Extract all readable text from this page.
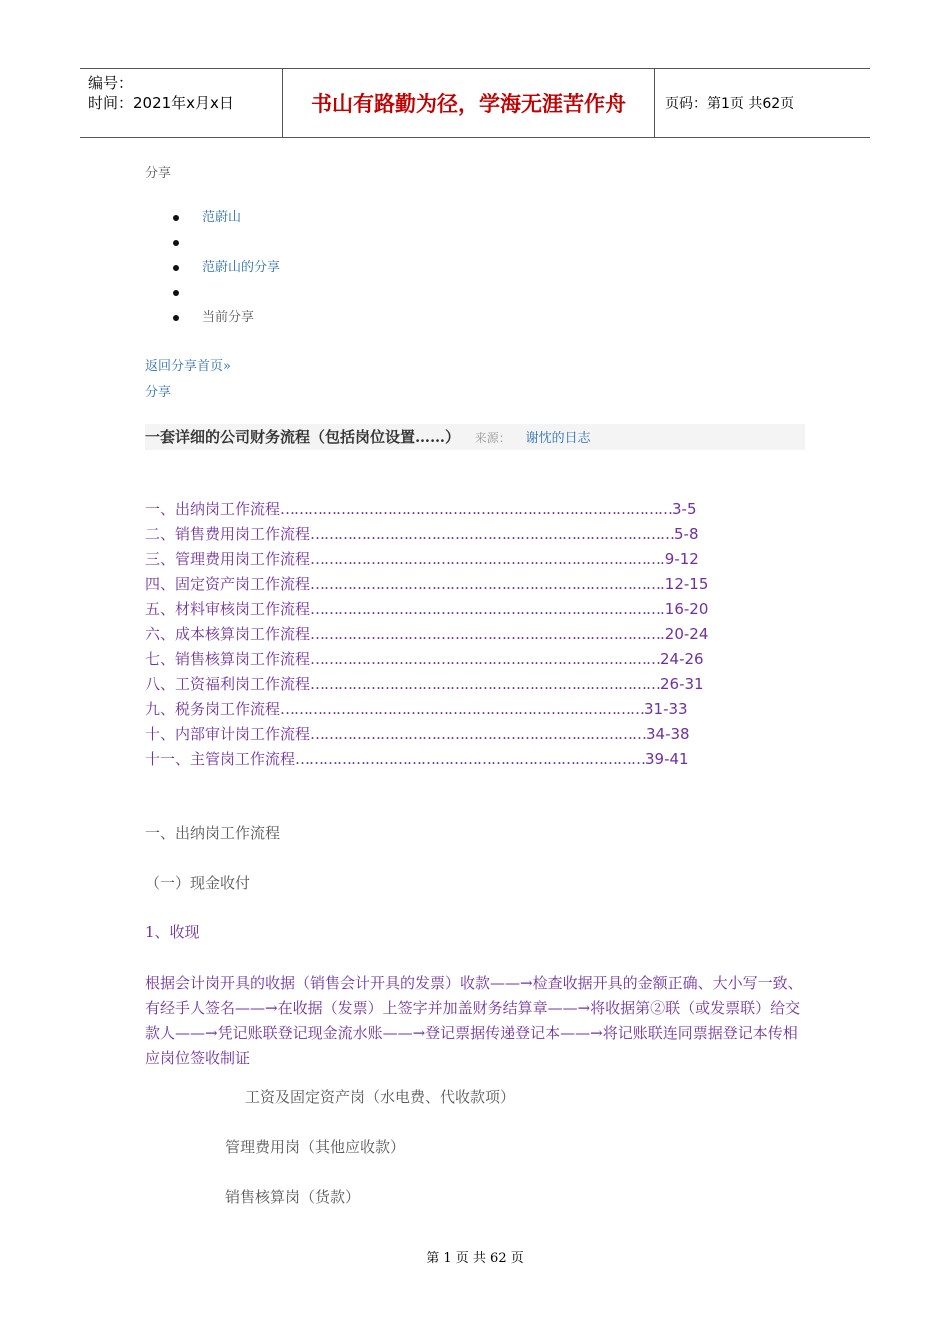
编号：
时间：2021年x月x日	书山有路勤为径，学海无涯苦作舟	页码：第1页 共62页
分享
范蔚山
范蔚山的分享
当前分享
返回分享首页»
分享
一套详细的公司财务流程（包括岗位设置……） 来源： 谢忱的日志
一、出纳岗工作流程…………………………………………………………………………3-5
二、销售费用岗工作流程……………………………………………………………………5-8
三、管理费用岗工作流程………………………………………………………………….9-12
四、固定资产岗工作流程………………………………………………………………….12-15
五、材料审核岗工作流程………………………………………………………………….16-20
六、成本核算岗工作流程………………………………………………………………….20-24
七、销售核算岗工作流程…………………………………………………………………24-26
八、工资福利岗工作流程…………………………………………………………………26-31
九、税务岗工作流程……………………………………………………………………31-33
十、内部审计岗工作流程………………………………………………………………34-38
十一、主管岗工作流程…………………………………………………………………39-41
一、出纳岗工作流程
（一）现金收付
1、收现
根据会计岗开具的收据（销售会计开具的发票）收款——→检查收据开具的金额正确、大小写一致、有经手人签名——→在收据（发票）上签字并加盖财务结算章——→将收据第②联（或发票联）给交款人——→凭记账联登记现金流水账——→登记票据传递登记本——→将记账联连同票据登记本传相应岗位签收制证
工资及固定资产岗（水电费、代收款项）
管理费用岗（其他应收款）
销售核算岗（货款）
第 1 页 共 62 页
